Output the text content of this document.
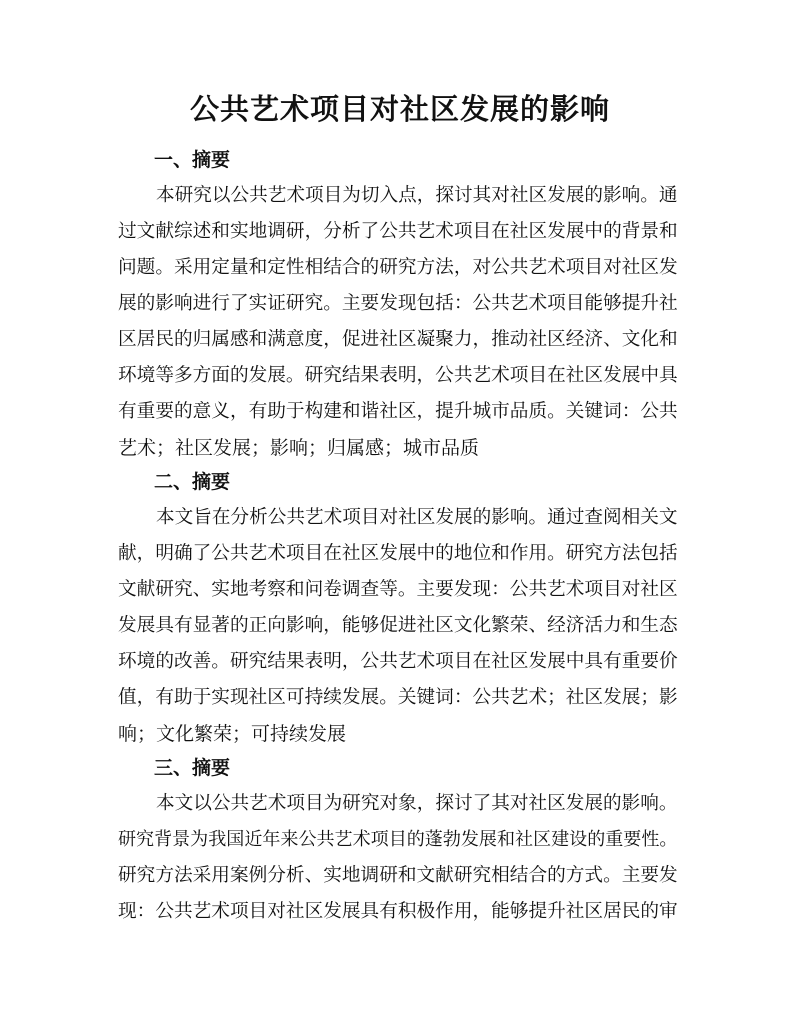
公共艺术项目对社区发展的影响
一、摘要
本研究以公共艺术项目为切入点，探讨其对社区发展的影响。通
过文献综述和实地调研，分析了公共艺术项目在社区发展中的背景和
问题。采用定量和定性相结合的研究方法，对公共艺术项目对社区发
展的影响进行了实证研究。主要发现包括：公共艺术项目能够提升社
区居民的归属感和满意度，促进社区凝聚力，推动社区经济、文化和
环境等多方面的发展。研究结果表明，公共艺术项目在社区发展中具
有重要的意义，有助于构建和谐社区，提升城市品质。关键词：公共
艺术；社区发展；影响；归属感；城市品质
二、摘要
本文旨在分析公共艺术项目对社区发展的影响。通过查阅相关文
献，明确了公共艺术项目在社区发展中的地位和作用。研究方法包括
文献研究、实地考察和问卷调查等。主要发现：公共艺术项目对社区
发展具有显著的正向影响，能够促进社区文化繁荣、经济活力和生态
环境的改善。研究结果表明，公共艺术项目在社区发展中具有重要价
值，有助于实现社区可持续发展。关键词：公共艺术；社区发展；影
响；文化繁荣；可持续发展
三、摘要
本文以公共艺术项目为研究对象，探讨了其对社区发展的影响。
研究背景为我国近年来公共艺术项目的蓬勃发展和社区建设的重要性。
研究方法采用案例分析、实地调研和文献研究相结合的方式。主要发
现：公共艺术项目对社区发展具有积极作用，能够提升社区居民的审
